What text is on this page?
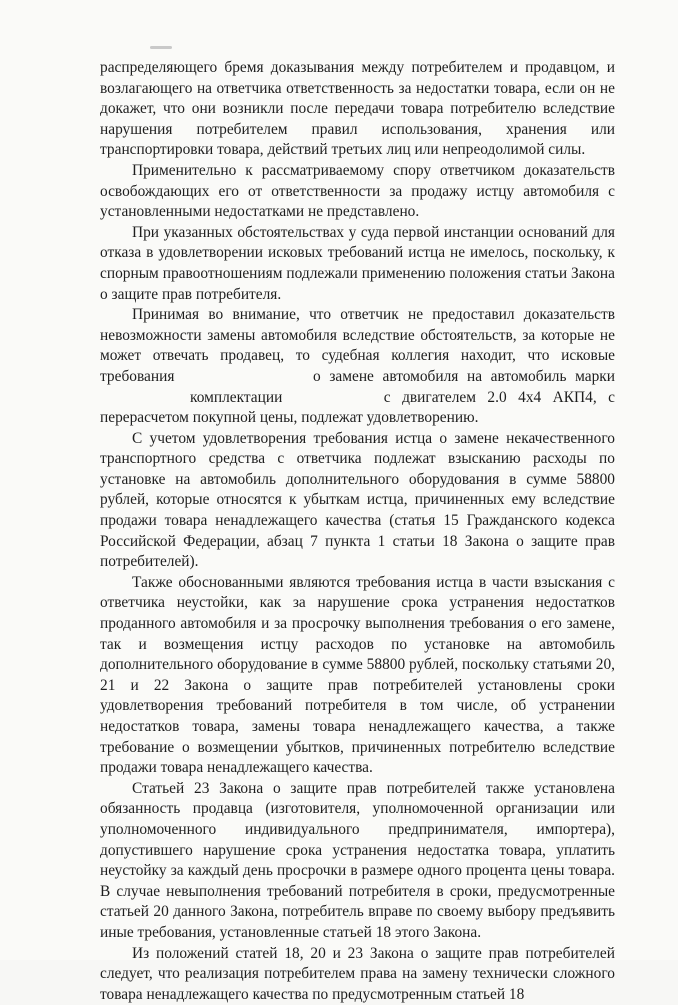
распределяющего бремя доказывания между потребителем и продавцом, и возлагающего на ответчика ответственность за недостатки товара, если он не докажет, что они возникли после передачи товара потребителю вследствие нарушения потребителем правил использования, хранения или транспортировки товара, действий третьих лиц или непреодолимой силы.

Применительно к рассматриваемому спору ответчиком доказательств освобождающих его от ответственности за продажу истцу автомобиля с установленными недостатками не представлено.

При указанных обстоятельствах у суда первой инстанции оснований для отказа в удовлетворении исковых требований истца не имелось, поскольку, к спорным правоотношениям подлежали применению положения статьи Закона о защите прав потребителя.

Принимая во внимание, что ответчик не предоставил доказательств невозможности замены автомобиля вследствие обстоятельств, за которые не может отвечать продавец, то судебная коллегия находит, что исковые требования	о замене автомобиля на автомобиль марки комплектации	с двигателем 2.0 4x4 АКП4, с перерасчетом покупной цены, подлежат удовлетворению.

С учетом удовлетворения требования истца о замене некачественного транспортного средства с ответчика подлежат взысканию расходы по установке на автомобиль дополнительного оборудования в сумме 58800 рублей, которые относятся к убыткам истца, причиненных ему вследствие продажи товара ненадлежащего качества (статья 15 Гражданского кодекса Российской Федерации, абзац 7 пункта 1 статьи 18 Закона о защите прав потребителей).

Также обоснованными являются требования истца в части взыскания с ответчика неустойки, как за нарушение срока устранения недостатков проданного автомобиля и за просрочку выполнения требования о его замене, так и возмещения истцу расходов по установке на автомобиль дополнительного оборудование в сумме 58800 рублей, поскольку статьями 20, 21 и 22 Закона о защите прав потребителей установлены сроки удовлетворения требований потребителя в том числе, об устранении недостатков товара, замены товара ненадлежащего качества, а также требование о возмещении убытков, причиненных потребителю вследствие продажи товара ненадлежащего качества.

Статьей 23 Закона о защите прав потребителей также установлена обязанность продавца (изготовителя, уполномоченной организации или уполномоченного индивидуального предпринимателя, импортера), допустившего нарушение срока устранения недостатка товара, уплатить неустойку за каждый день просрочки в размере одного процента цены товара. В случае невыполнения требований потребителя в сроки, предусмотренные статьей 20 данного Закона, потребитель вправе по своему выбору предъявить иные требования, установленные статьей 18 этого Закона.

Из положений статей 18, 20 и 23 Закона о защите прав потребителей следует, что реализация потребителем права на замену технически сложного товара ненадлежащего качества по предусмотренным статьей 18
